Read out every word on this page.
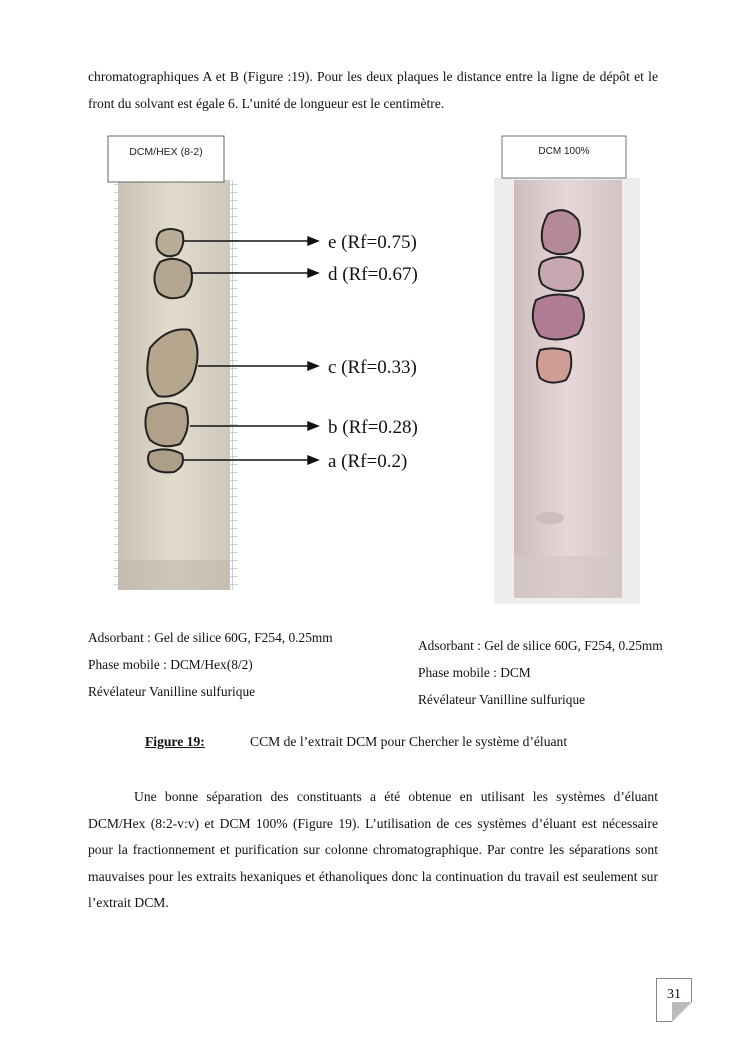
chromatographiques A et B (Figure :19). Pour les deux plaques le distance entre la ligne de dépôt et le front du solvant est égale 6. L’unité de longueur est le centimètre.
DCM/HEX (8-2)
e (Rf=0.75)
d (Rf=0.67)
c (Rf=0.33)
b (Rf=0.28)
a (Rf=0.2)
DCM 100%
Adsorbant : Gel de silice 60G, F254, 0.25mm
Phase mobile : DCM/Hex(8/2)
Révélateur Vanilline sulfurique
Adsorbant : Gel de silice 60G, F254, 0.25mm
Phase mobile : DCM
Révélateur Vanilline sulfurique
Figure 19:	CCM de l’extrait DCM pour Chercher le système d’éluant
Une bonne séparation des constituants a été obtenue en utilisant les systèmes d’éluant DCM/Hex (8:2-v:v) et DCM 100% (Figure 19). L’utilisation de ces systèmes d’éluant est nécessaire pour la fractionnement et purification sur colonne chromatographique. Par contre les séparations sont mauvaises pour les extraits hexaniques et éthanoliques donc la continuation du travail est seulement sur l’extrait DCM.
31
